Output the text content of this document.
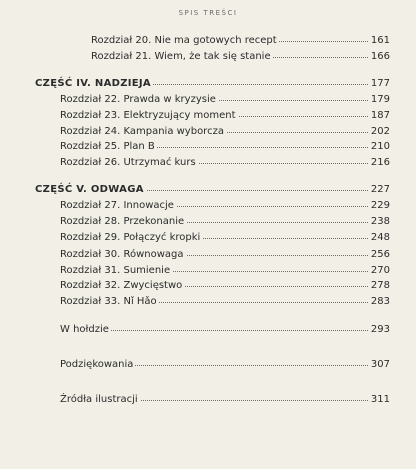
SPIS TREŚCI
Rozdział 20. Nie ma gotowych recept	161
Rozdział 21. Wiem, że tak się stanie	166
CZĘŚĆ IV. NADZIEJA	177
Rozdział 22. Prawda w kryzysie	179
Rozdział 23. Elektryzujący moment	187
Rozdział 24. Kampania wyborcza	202
Rozdział 25. Plan B	210
Rozdział 26. Utrzymać kurs	216
CZĘŚĆ V. ODWAGA	227
Rozdział 27. Innowacje	229
Rozdział 28. Przekonanie	238
Rozdział 29. Połączyć kropki	248
Rozdział 30. Równowaga	256
Rozdział 31. Sumienie	270
Rozdział 32. Zwycięstwo	278
Rozdział 33. Nǐ Hǎo	283
W hołdzie	293
Podziękowania	307
Źródła ilustracji	311
